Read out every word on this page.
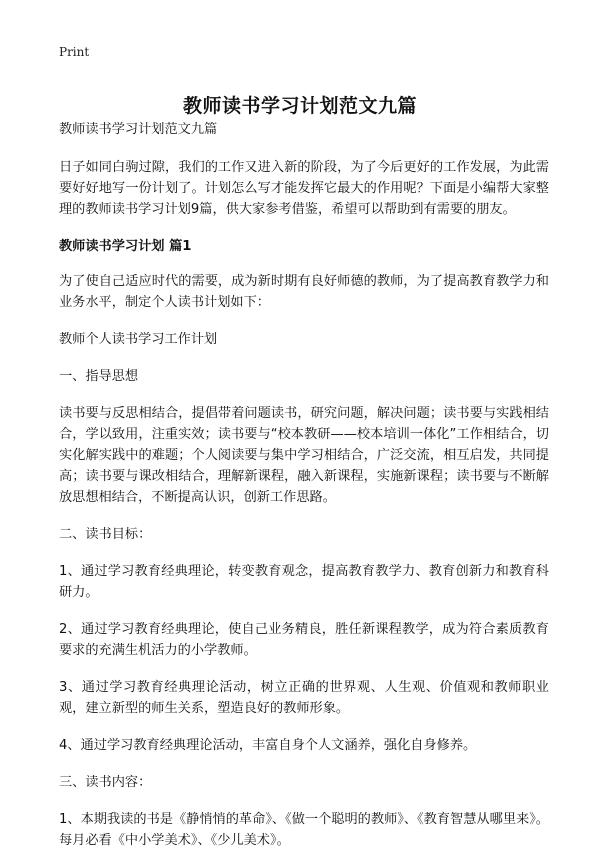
Print
教师读书学习计划范文九篇

教师读书学习计划范文九篇

日子如同白驹过隙，我们的工作又进入新的阶段，为了今后更好的工作发展，为此需要好好地写一份计划了。计划怎么写才能发挥它最大的作用呢？下面是小编帮大家整理的教师读书学习计划9篇，供大家参考借鉴，希望可以帮助到有需要的朋友。

教师读书学习计划 篇1

为了使自己适应时代的需要，成为新时期有良好师德的教师，为了提高教育教学力和业务水平，制定个人读书计划如下：

教师个人读书学习工作计划

一、指导思想

读书要与反思相结合，提倡带着问题读书，研究问题，解决问题；读书要与实践相结合，学以致用，注重实效；读书要与“校本教研——校本培训一体化”工作相结合，切实化解实践中的难题；个人阅读要与集中学习相结合，广泛交流，相互启发，共同提高；读书要与课改相结合，理解新课程，融入新课程，实施新课程；读书要与不断解放思想相结合，不断提高认识，创新工作思路。

二、读书目标：

1、通过学习教育经典理论，转变教育观念，提高教育教学力、教育创新力和教育科研力。

2、通过学习教育经典理论，使自己业务精良，胜任新课程教学，成为符合素质教育要求的充满生机活力的小学教师。

3、通过学习教育经典理论活动，树立正确的世界观、人生观、价值观和教师职业观，建立新型的师生关系，塑造良好的教师形象。

4、通过学习教育经典理论活动，丰富自身个人文涵养，强化自身修养。

三、读书内容：

1、本期我读的书是《静悄悄的革命》、《做一个聪明的教师》、《教育智慧从哪里来》。每月必看《中小学美术》、《少儿美术》。
